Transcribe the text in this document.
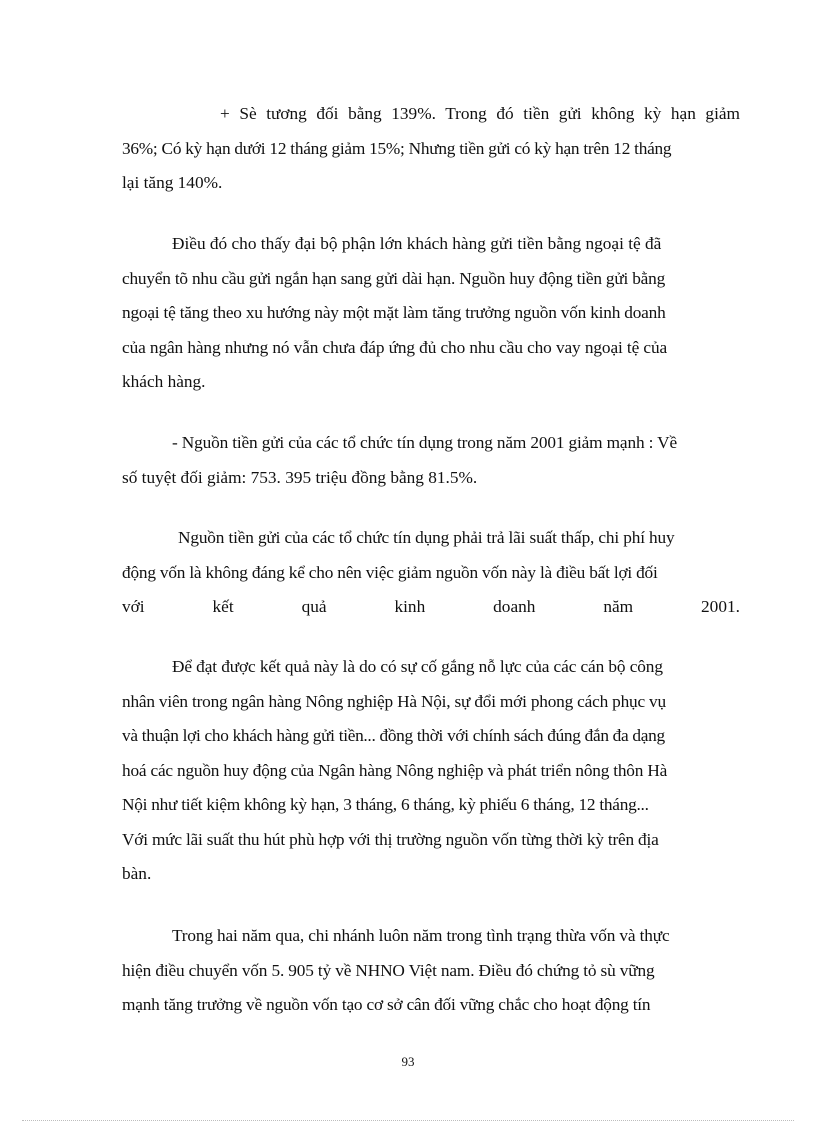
+ Sè tương đối bằng 139%. Trong đó tiền gửi không kỳ hạn giảm
36%; Có kỳ hạn dưới 12 tháng giảm 15%; Nhưng tiền gửi có kỳ hạn trên 12 tháng
lại tăng 140%.
Điều đó cho thấy đại bộ phận lớn khách hàng gửi tiền bằng ngoại tệ đã
chuyển tõ nhu cầu gửi ngắn hạn sang gửi dài hạn. Nguồn huy động tiền gửi bằng
ngoại tệ tăng theo xu hướng này một mặt làm tăng trưởng nguồn vốn kinh doanh
của ngân hàng nhưng nó vẫn chưa đáp ứng đủ cho nhu cầu cho vay ngoại tệ của
khách hàng.
- Nguồn tiền gửi của các tổ chức tín dụng trong năm 2001 giảm mạnh : Về
số tuyệt đối giảm: 753. 395 triệu đồng bằng 81.5%.
Nguồn tiền gửi của các tổ chức tín dụng phải trả lãi suất thấp, chi phí huy
động vốn là không đáng kể cho nên việc giảm nguồn vốn này là điều bất lợi đối
với	kết	quả	kinh	doanh	năm	2001.
Để đạt được kết quả này là do có sự cố gắng nỗ lực của các cán bộ công
nhân viên trong ngân hàng Nông nghiệp Hà Nội, sự đổi mới phong cách phục vụ
và thuận lợi cho khách hàng gửi tiền... đồng thời với chính sách đúng đắn đa dạng
hoá các nguồn huy động của Ngân hàng Nông nghiệp và phát triển nông thôn Hà
Nội như tiết kiệm không kỳ hạn, 3 tháng, 6 tháng, kỳ phiếu 6 tháng, 12 tháng...
Với mức lãi suất thu hút phù hợp với thị trường nguồn vốn từng thời kỳ trên địa
bàn.
Trong hai năm qua, chi nhánh luôn năm trong tình trạng thừa vốn và thực
hiện điều chuyển vốn 5. 905 tỷ về NHNO Việt nam. Điều đó chứng tỏ sù vững
mạnh tăng trưởng về nguồn vốn tạo cơ sở cân đối vững chắc cho hoạt động tín
93
